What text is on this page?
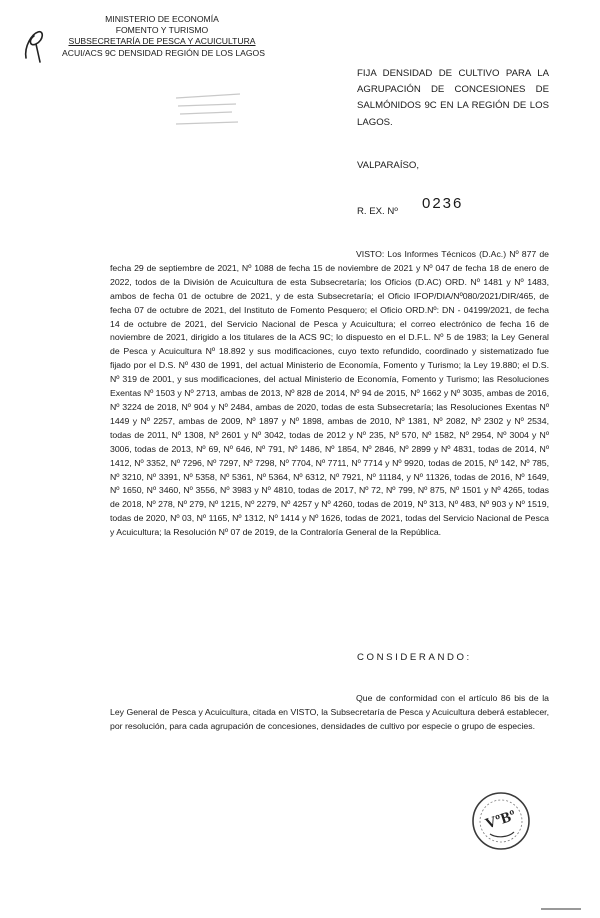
MINISTERIO DE ECONOMÍA
FOMENTO Y TURISMO
SUBSECRETARÍA DE PESCA Y ACUICULTURA
ACUI/ACS 9C DENSIDAD REGIÓN DE LOS LAGOS
FIJA DENSIDAD DE CULTIVO PARA LA AGRUPACIÓN DE CONCESIONES DE SALMÓNIDOS 9C EN LA REGIÓN DE LOS LAGOS.
VALPARAÍSO,
R. EX. Nº 0236

VISTO: Los Informes Técnicos (D.Ac.) Nº 877 de fecha 29 de septiembre de 2021, Nº 1088 de fecha 15 de noviembre de 2021 y Nº 047 de fecha 18 de enero de 2022, todos de la División de Acuicultura de esta Subsecretaría; los Oficios (D.AC) ORD. Nº 1481 y Nº 1483, ambos de fecha 01 de octubre de 2021, y de esta Subsecretaría; el Oficio IFOP/DIA/Nº080/2021/DIR/465, de fecha 07 de octubre de 2021, del Instituto de Fomento Pesquero; el Oficio ORD.Nº: DN - 04199/2021, de fecha 14 de octubre de 2021, del Servicio Nacional de Pesca y Acuicultura; el correo electrónico de fecha 16 de noviembre de 2021, dirigido a los titulares de la ACS 9C; lo dispuesto en el D.F.L. Nº 5 de 1983; la Ley General de Pesca y Acuicultura Nº 18.892 y sus modificaciones, cuyo texto refundido, coordinado y sistematizado fue fijado por el D.S. Nº 430 de 1991, del actual Ministerio de Economía, Fomento y Turismo; la Ley 19.880; el D.S. Nº 319 de 2001, y sus modificaciones, del actual Ministerio de Economía, Fomento y Turismo; las Resoluciones Exentas Nº 1503 y Nº 2713, ambas de 2013, Nº 828 de 2014, Nº 94 de 2015, Nº 1662 y Nº 3035, ambas de 2016, Nº 3224 de 2018, Nº 904 y Nº 2484, ambas de 2020, todas de esta Subsecretaría; las Resoluciones Exentas Nº 1449 y Nº 2257, ambas de 2009, Nº 1897 y Nº 1898, ambas de 2010, Nº 1381, Nº 2082, Nº 2302 y Nº 2534, todas de 2011, Nº 1308, Nº 2601 y Nº 3042, todas de 2012 y Nº 235, Nº 570, Nº 1582, Nº 2954, Nº 3004 y Nº 3006, todas de 2013, Nº 69, Nº 646, Nº 791, Nº 1486, Nº 1854, Nº 2846, Nº 2899 y Nº 4831, todas de 2014, Nº 1412, Nº 3352, Nº 7296, Nº 7297, Nº 7298, Nº 7704, Nº 7711, Nº 7714 y Nº 9920, todas de 2015, Nº 142, Nº 785, Nº 3210, Nº 3391, Nº 5358, Nº 5361, Nº 5364, Nº 6312, Nº 7921, Nº 11184, y Nº 11326, todas de 2016, Nº 1649, Nº 1650, Nº 3460, Nº 3556, Nº 3983 y Nº 4810, todas de 2017, Nº 72, Nº 799, Nº 875, Nº 1501 y Nº 4265, todas de 2018, Nº 278, Nº 279, Nº 1215, Nº 2279, Nº 4257 y Nº 4260, todas de 2019, Nº 313, Nº 483, Nº 903 y Nº 1519, todas de 2020, Nº 03, Nº 1165, Nº 1312, Nº 1414 y Nº 1626, todas de 2021, todas del Servicio Nacional de Pesca y Acuicultura; la Resolución Nº 07 de 2019, de la Contraloría General de la República.

CONSIDERANDO:

Que de conformidad con el artículo 86 bis de la Ley General de Pesca y Acuicultura, citada en VISTO, la Subsecretaría de Pesca y Acuicultura deberá establecer, por resolución, para cada agrupación de concesiones, densidades de cultivo por especie o grupo de especies.

VºBº
